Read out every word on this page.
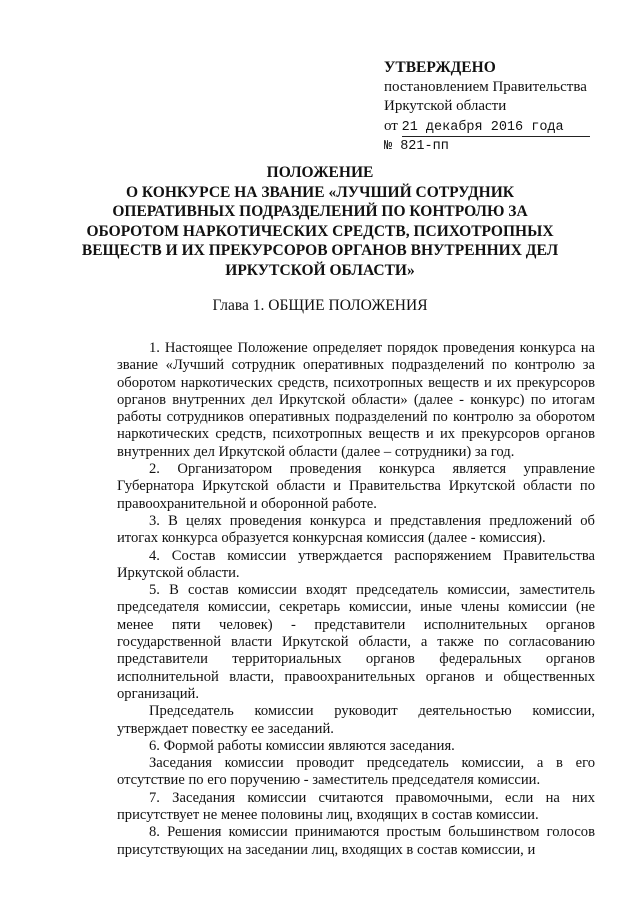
УТВЕРЖДЕНО
постановлением Правительства
Иркутской области
от 21 декабря 2016 года
№ 821-пп
ПОЛОЖЕНИЕ
О КОНКУРСЕ НА ЗВАНИЕ «ЛУЧШИЙ СОТРУДНИК
ОПЕРАТИВНЫХ ПОДРАЗДЕЛЕНИЙ ПО КОНТРОЛЮ ЗА
ОБОРОТОМ НАРКОТИЧЕСКИХ СРЕДСТВ, ПСИХОТРОПНЫХ
ВЕЩЕСТВ И ИХ ПРЕКУРСОРОВ ОРГАНОВ ВНУТРЕННИХ ДЕЛ
ИРКУТСКОЙ ОБЛАСТИ»
Глава 1. ОБЩИЕ ПОЛОЖЕНИЯ

1. Настоящее Положение определяет порядок проведения конкурса на звание «Лучший сотрудник оперативных подразделений по контролю за оборотом наркотических средств, психотропных веществ и их прекурсоров органов внутренних дел Иркутской области» (далее - конкурс) по итогам работы сотрудников оперативных подразделений по контролю за оборотом наркотических средств, психотропных веществ и их прекурсоров органов внутренних дел Иркутской области (далее – сотрудники) за год.

2. Организатором проведения конкурса является управление Губернатора Иркутской области и Правительства Иркутской области по правоохранительной и оборонной работе.

3. В целях проведения конкурса и представления предложений об итогах конкурса образуется конкурсная комиссия (далее - комиссия).

4. Состав комиссии утверждается распоряжением Правительства Иркутской области.

5. В состав комиссии входят председатель комиссии, заместитель председателя комиссии, секретарь комиссии, иные члены комиссии (не менее пяти человек) - представители исполнительных органов государственной власти Иркутской области, а также по согласованию представители территориальных органов федеральных органов исполнительной власти, правоохранительных органов и общественных организаций.

Председатель комиссии руководит деятельностью комиссии, утверждает повестку ее заседаний.

6. Формой работы комиссии являются заседания.

Заседания комиссии проводит председатель комиссии, а в его отсутствие по его поручению - заместитель председателя комиссии.

7. Заседания комиссии считаются правомочными, если на них присутствует не менее половины лиц, входящих в состав комиссии.

8. Решения комиссии принимаются простым большинством голосов присутствующих на заседании лиц, входящих в состав комиссии, и
